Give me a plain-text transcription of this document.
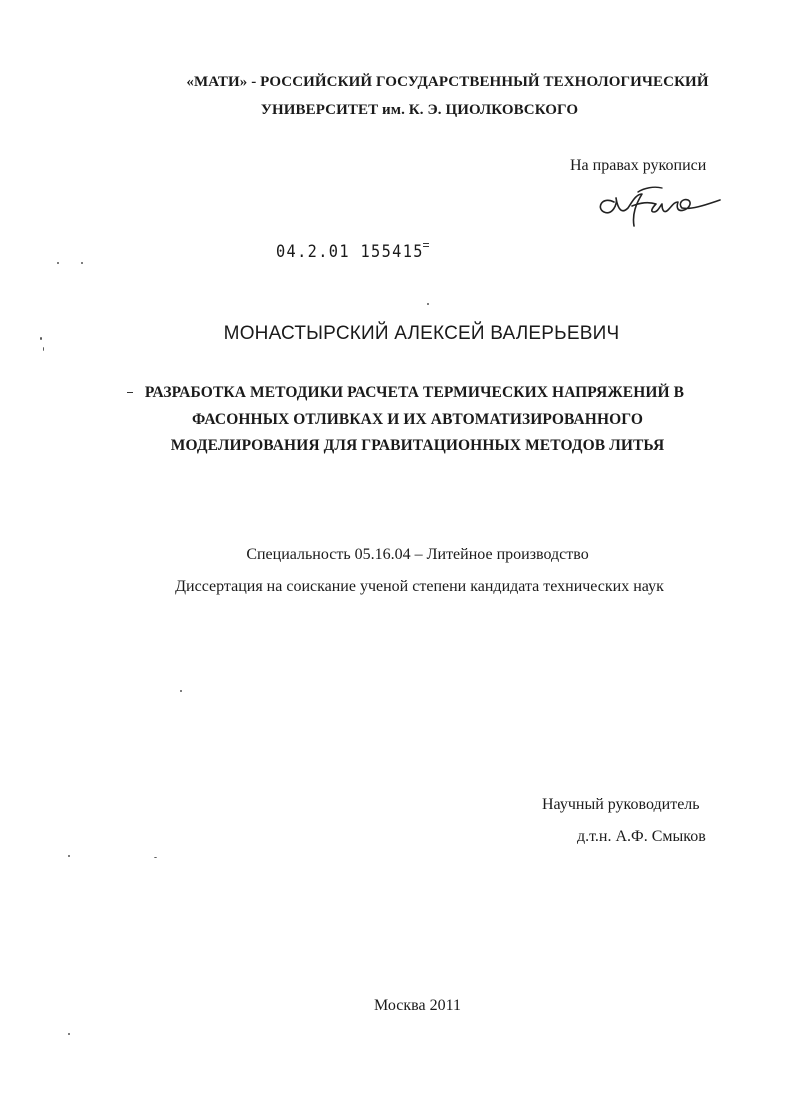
«МАТИ» - РОССИЙСКИЙ ГОСУДАРСТВЕННЫЙ ТЕХНОЛОГИЧЕСКИЙ
УНИВЕРСИТЕТ им. К. Э. ЦИОЛКОВСКОГО
На правах рукописи
04.2.01 155415
МОНАСТЫРСКИЙ АЛЕКСЕЙ ВАЛЕРЬЕВИЧ
РАЗРАБОТКА МЕТОДИКИ РАСЧЕТА ТЕРМИЧЕСКИХ НАПРЯЖЕНИЙ В
ФАСОННЫХ ОТЛИВКАХ И ИХ АВТОМАТИЗИРОВАННОГО
МОДЕЛИРОВАНИЯ ДЛЯ ГРАВИТАЦИОННЫХ МЕТОДОВ ЛИТЬЯ
Специальность 05.16.04 – Литейное производство
Диссертация на соискание ученой степени кандидата технических наук
Научный руководитель
д.т.н. А.Ф. Смыков
Москва 2011
